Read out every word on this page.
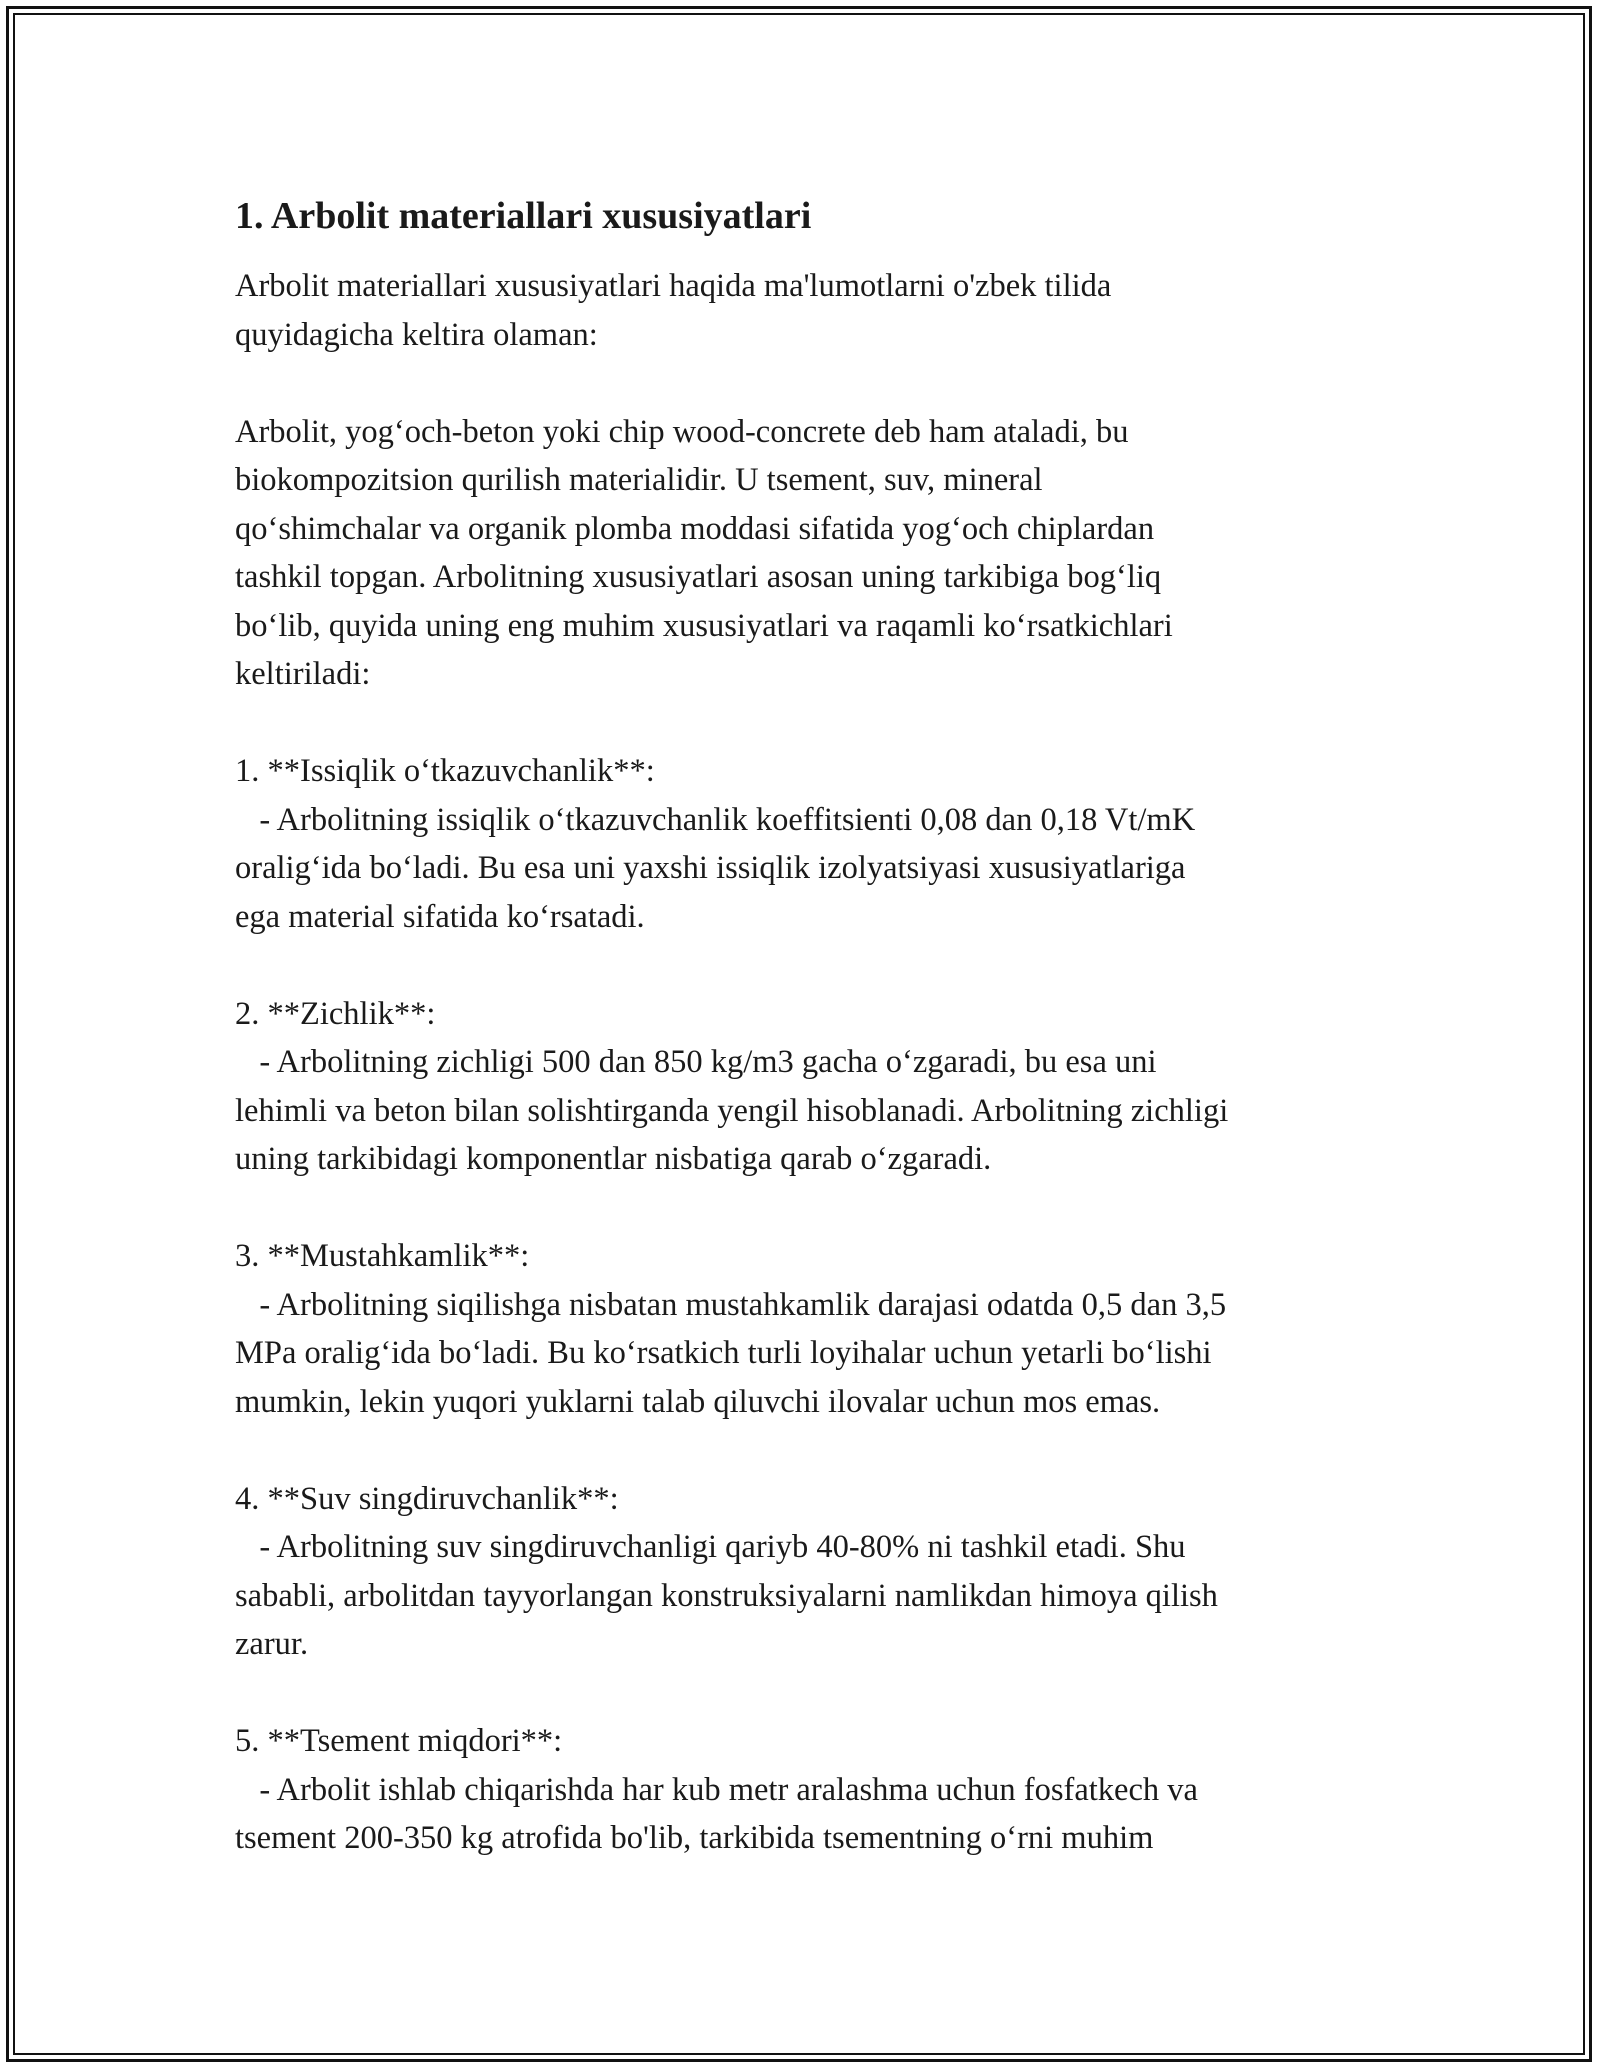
1. Arbolit materiallari xususiyatlari

Arbolit materiallari xususiyatlari haqida ma'lumotlarni o'zbek tilida
quyidagicha keltira olaman:

Arbolit, yog‘och-beton yoki chip wood-concrete deb ham ataladi, bu
biokompozitsion qurilish materialidir. U tsement, suv, mineral
qo‘shimchalar va organik plomba moddasi sifatida yog‘och chiplardan
tashkil topgan. Arbolitning xususiyatlari asosan uning tarkibiga bog‘liq
bo‘lib, quyida uning eng muhim xususiyatlari va raqamli ko‘rsatkichlari
keltiriladi:

1. **Issiqlik o‘tkazuvchanlik**:

- Arbolitning issiqlik o‘tkazuvchanlik koeffitsienti 0,08 dan 0,18 Vt/mK
oralig‘ida bo‘ladi. Bu esa uni yaxshi issiqlik izolyatsiyasi xususiyatlariga
ega material sifatida ko‘rsatadi.

2. **Zichlik**:

- Arbolitning zichligi 500 dan 850 kg/m3 gacha o‘zgaradi, bu esa uni
lehimli va beton bilan solishtirganda yengil hisoblanadi. Arbolitning zichligi
uning tarkibidagi komponentlar nisbatiga qarab o‘zgaradi.

3. **Mustahkamlik**:

- Arbolitning siqilishga nisbatan mustahkamlik darajasi odatda 0,5 dan 3,5
MPa oralig‘ida bo‘ladi. Bu ko‘rsatkich turli loyihalar uchun yetarli bo‘lishi
mumkin, lekin yuqori yuklarni talab qiluvchi ilovalar uchun mos emas.

4. **Suv singdiruvchanlik**:

- Arbolitning suv singdiruvchanligi qariyb 40-80% ni tashkil etadi. Shu
sababli, arbolitdan tayyorlangan konstruksiyalarni namlikdan himoya qilish
zarur.

5. **Tsement miqdori**:

- Arbolit ishlab chiqarishda har kub metr aralashma uchun fosfatkech va
tsement 200-350 kg atrofida bo'lib, tarkibida tsementning o‘rni muhim
